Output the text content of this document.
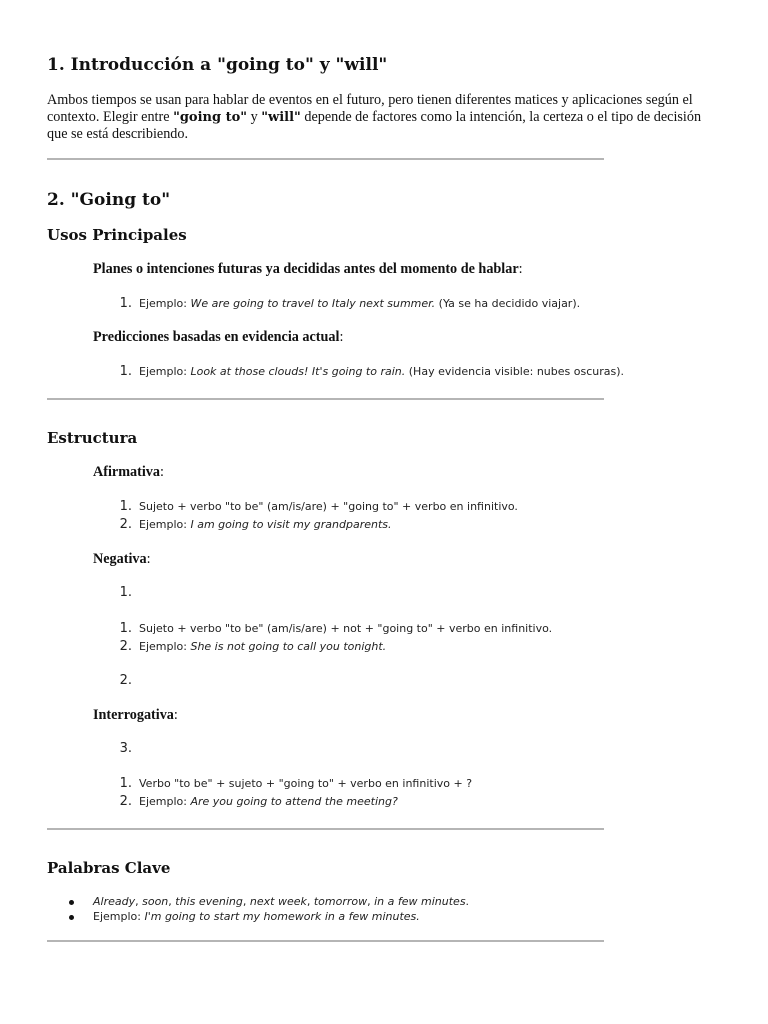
1. Introducción a "going to" y "will"

Ambos tiempos se usan para hablar de eventos en el futuro, pero tienen diferentes matices y aplicaciones según el contexto. Elegir entre "going to" y "will" depende de factores como la intención, la certeza o el tipo de decisión que se está describiendo.

2. "Going to"
Usos Principales
Planes o intenciones futuras ya decididas antes del momento de hablar:
1. Ejemplo: We are going to travel to Italy next summer. (Ya se ha decidido viajar).
Predicciones basadas en evidencia actual:
1. Ejemplo: Look at those clouds! It's going to rain. (Hay evidencia visible: nubes oscuras).
Estructura
Afirmativa:
1. Sujeto + verbo "to be" (am/is/are) + "going to" + verbo en infinitivo.
2. Ejemplo: I am going to visit my grandparents.
Negativa:
1.
1. Sujeto + verbo "to be" (am/is/are) + not + "going to" + verbo en infinitivo.
2. Ejemplo: She is not going to call you tonight.
2.
Interrogativa:
3.
1. Verbo "to be" + sujeto + "going to" + verbo en infinitivo + ?
2. Ejemplo: Are you going to attend the meeting?
Palabras Clave
Already, soon, this evening, next week, tomorrow, in a few minutes.
Ejemplo: I'm going to start my homework in a few minutes.
